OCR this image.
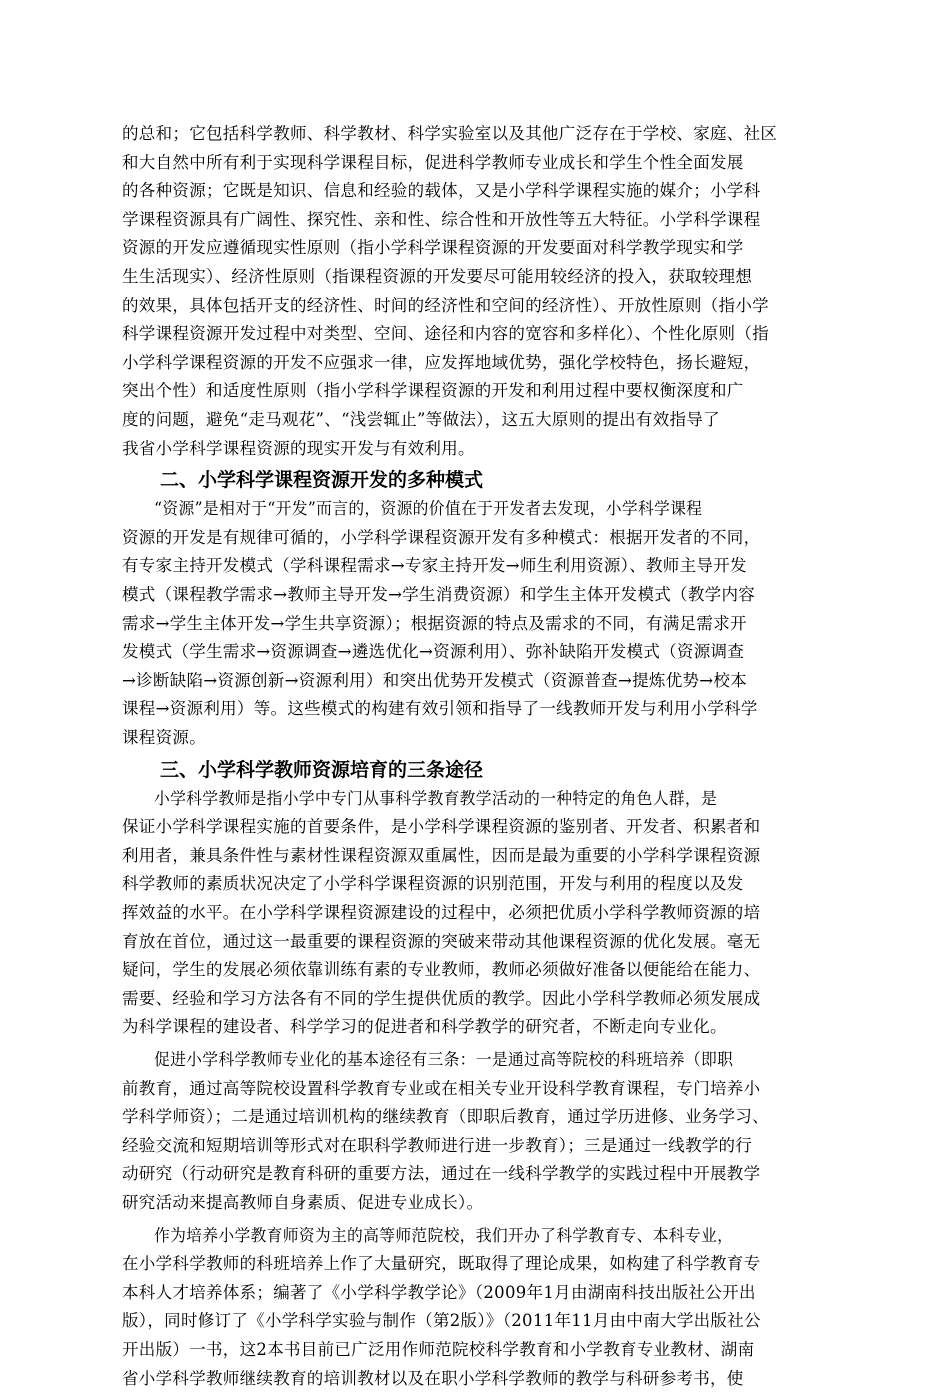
的总和；它包括科学教师、科学教材、科学实验室以及其他广泛存在于学校、家庭、社区
和大自然中所有利于实现科学课程目标，促进科学教师专业成长和学生个性全面发展
的各种资源；它既是知识、信息和经验的载体，又是小学科学课程实施的媒介；小学科
学课程资源具有广阔性、探究性、亲和性、综合性和开放性等五大特征。小学科学课程
资源的开发应遵循现实性原则（指小学科学课程资源的开发要面对科学教学现实和学
生生活现实）、经济性原则（指课程资源的开发要尽可能用较经济的投入，获取较理想
的效果，具体包括开支的经济性、时间的经济性和空间的经济性）、开放性原则（指小学
科学课程资源开发过程中对类型、空间、途径和内容的宽容和多样化）、个性化原则（指
小学科学课程资源的开发不应强求一律，应发挥地域优势，强化学校特色，扬长避短，
突出个性）和适度性原则（指小学科学课程资源的开发和利用过程中要权衡深度和广
度的问题，避免“走马观花”、“浅尝辄止”等做法），这五大原则的提出有效指导了
我省小学科学课程资源的现实开发与有效利用。
二、小学科学课程资源开发的多种模式
“资源”是相对于“开发”而言的，资源的价值在于开发者去发现，小学科学课程
资源的开发是有规律可循的，小学科学课程资源开发有多种模式：根据开发者的不同，
有专家主持开发模式（学科课程需求→专家主持开发→师生利用资源）、教师主导开发
模式（课程教学需求→教师主导开发→学生消费资源）和学生主体开发模式（教学内容
需求→学生主体开发→学生共享资源）；根据资源的特点及需求的不同，有满足需求开
发模式（学生需求→资源调查→遴选优化→资源利用）、弥补缺陷开发模式（资源调查
→诊断缺陷→资源创新→资源利用）和突出优势开发模式（资源普查→提炼优势→校本
课程→资源利用）等。这些模式的构建有效引领和指导了一线教师开发与利用小学科学
课程资源。
三、小学科学教师资源培育的三条途径
小学科学教师是指小学中专门从事科学教育教学活动的一种特定的角色人群，是
保证小学科学课程实施的首要条件，是小学科学课程资源的鉴别者、开发者、积累者和
利用者，兼具条件性与素材性课程资源双重属性，因而是最为重要的小学科学课程资源
科学教师的素质状况决定了小学科学课程资源的识别范围，开发与利用的程度以及发
挥效益的水平。在小学科学课程资源建设的过程中，必须把优质小学科学教师资源的培
育放在首位，通过这一最重要的课程资源的突破来带动其他课程资源的优化发展。毫无
疑问，学生的发展必须依靠训练有素的专业教师，教师必须做好准备以便能给在能力、
需要、经验和学习方法各有不同的学生提供优质的教学。因此小学科学教师必须发展成
为科学课程的建设者、科学学习的促进者和科学教学的研究者，不断走向专业化。
促进小学科学教师专业化的基本途径有三条：一是通过高等院校的科班培养（即职
前教育，通过高等院校设置科学教育专业或在相关专业开设科学教育课程，专门培养小
学科学师资）；二是通过培训机构的继续教育（即职后教育，通过学历进修、业务学习、
经验交流和短期培训等形式对在职科学教师进行进一步教育）；三是通过一线教学的行
动研究（行动研究是教育科研的重要方法，通过在一线科学教学的实践过程中开展教学
研究活动来提高教师自身素质、促进专业成长）。
作为培养小学教育师资为主的高等师范院校，我们开办了科学教育专、本科专业，
在小学科学教师的科班培养上作了大量研究，既取得了理论成果，如构建了科学教育专
本科人才培养体系；编著了《小学科学教学论》（2009年1月由湖南科技出版社公开出
版），同时修订了《小学科学实验与制作（第2版）》（2011年11月由中南大学出版社公
开出版）一书，这2本书目前已广泛用作师范院校科学教育和小学教育专业教材、湖南
省小学科学教师继续教育的培训教材以及在职小学科学教师的教学与科研参考书，使
